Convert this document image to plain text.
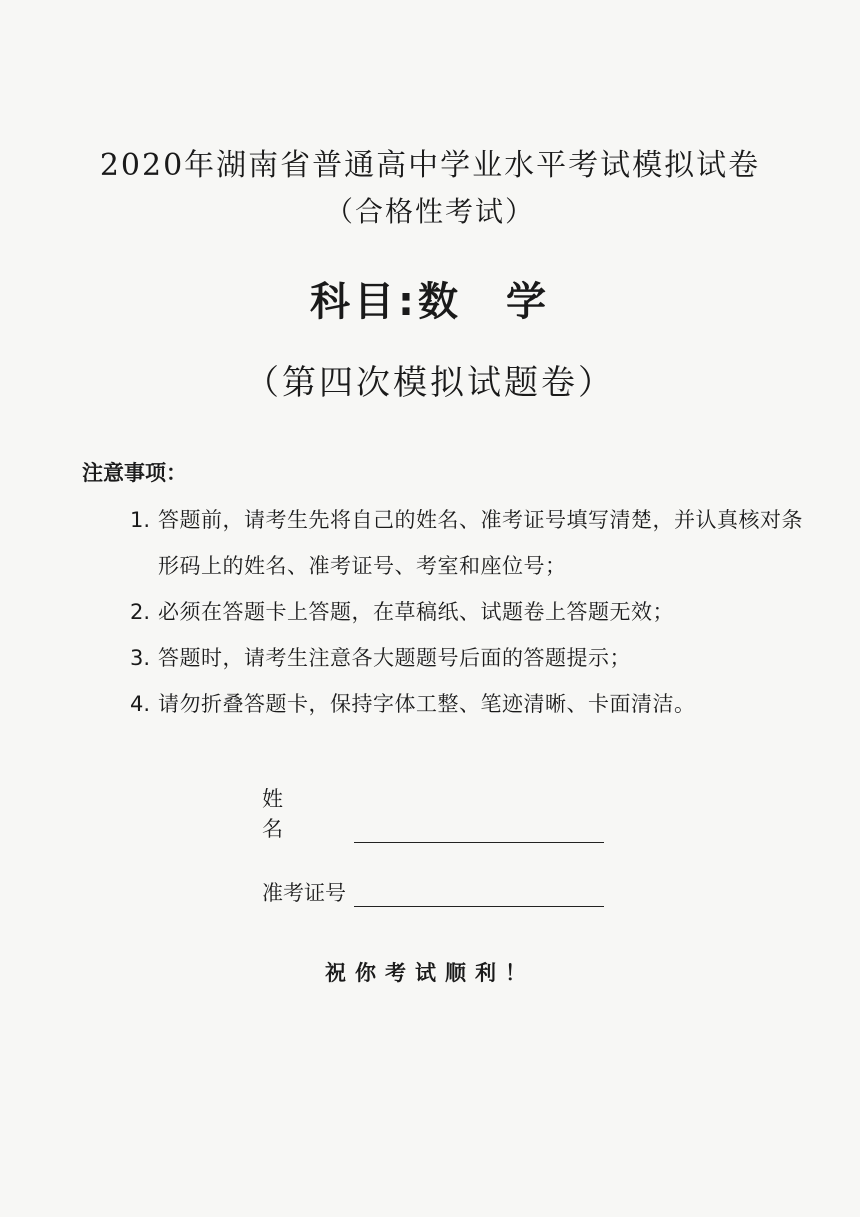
2020年湖南省普通高中学业水平考试模拟试卷
（合格性考试）
科目:数　学
（第四次模拟试题卷）
注意事项：
1. 答题前，请考生先将自己的姓名、准考证号填写清楚，并认真核对条形码上的姓名、准考证号、考室和座位号；
2. 必须在答题卡上答题，在草稿纸、试题卷上答题无效；
3. 答题时，请考生注意各大题题号后面的答题提示；
4. 请勿折叠答题卡，保持字体工整、笔迹清晰、卡面清洁。
姓名
准考证号
祝你考试顺利！
